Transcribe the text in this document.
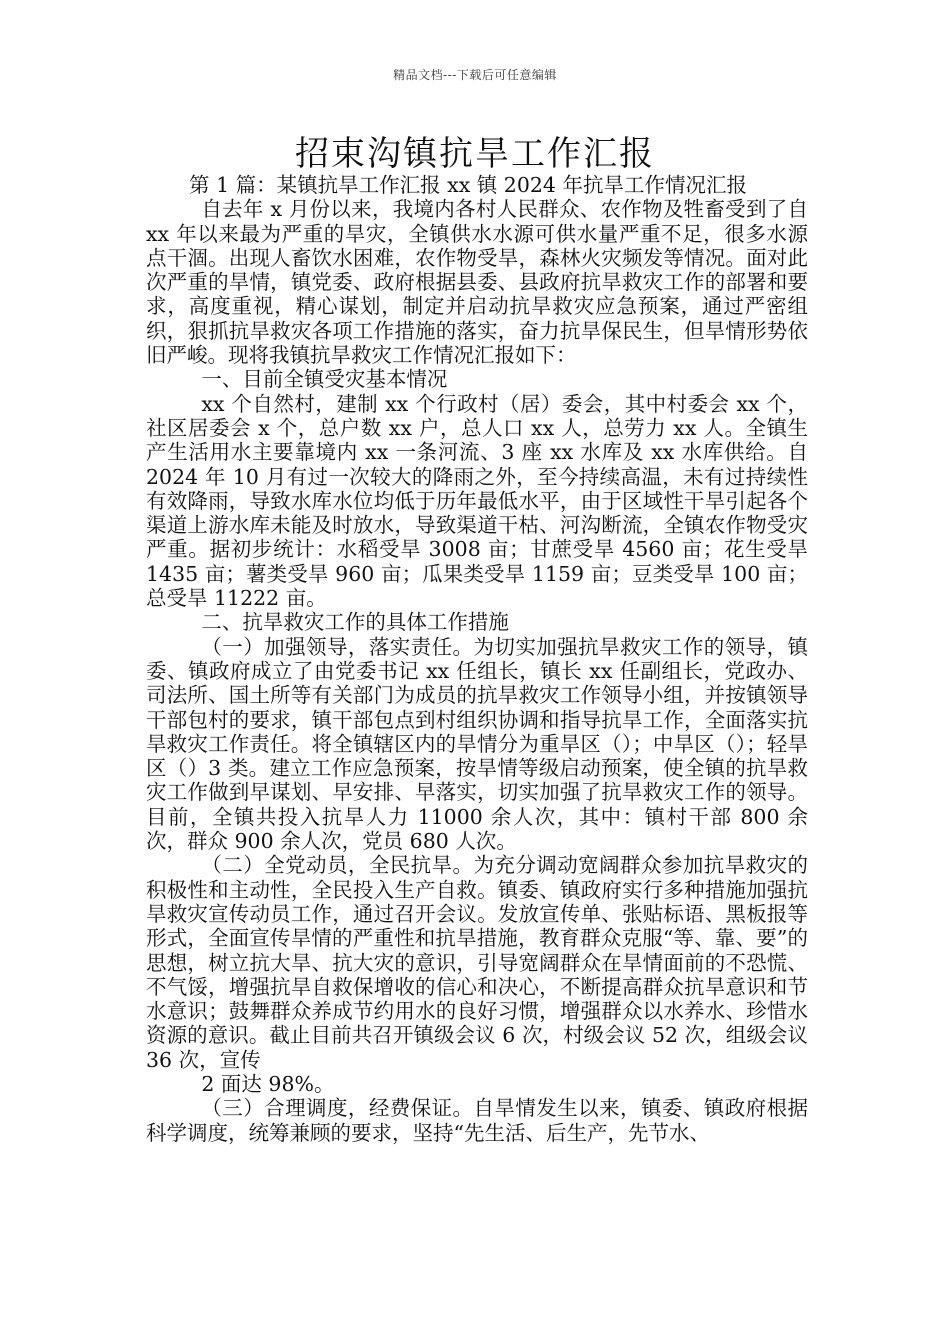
精品文档---下载后可任意编辑
招束沟镇抗旱工作汇报

第 1 篇：某镇抗旱工作汇报 xx 镇 2024 年抗旱工作情况汇报

自去年 x 月份以来，我境内各村人民群众、农作物及牲畜受到了自 xx 年以来最为严重的旱灾，全镇供水水源可供水量严重不足，很多水源点干涸。出现人畜饮水困难，农作物受旱，森林火灾频发等情况。面对此次严重的旱情，镇党委、政府根据县委、县政府抗旱救灾工作的部署和要求，高度重视，精心谋划，制定并启动抗旱救灾应急预案，通过严密组织，狠抓抗旱救灾各项工作措施的落实，奋力抗旱保民生，但旱情形势依旧严峻。现将我镇抗旱救灾工作情况汇报如下：

一、目前全镇受灾基本情况

xx 个自然村，建制 xx 个行政村（居）委会，其中村委会 xx 个，社区居委会 x 个，总户数 xx 户，总人口 xx 人，总劳力 xx 人。全镇生产生活用水主要靠境内 xx 一条河流、3 座 xx 水库及 xx 水库供给。自 2024 年 10 月有过一次较大的降雨之外，至今持续高温，未有过持续性有效降雨，导致水库水位均低于历年最低水平，由于区域性干旱引起各个渠道上游水库未能及时放水，导致渠道干枯、河沟断流，全镇农作物受灾严重。据初步统计：水稻受旱 3008 亩；甘蔗受旱 4560 亩；花生受旱 1435 亩；薯类受旱 960 亩；瓜果类受旱 1159 亩；豆类受旱 100 亩；总受旱 11222 亩。

二、抗旱救灾工作的具体工作措施

（一）加强领导，落实责任。为切实加强抗旱救灾工作的领导，镇委、镇政府成立了由党委书记 xx 任组长，镇长 xx 任副组长，党政办、司法所、国土所等有关部门为成员的抗旱救灾工作领导小组，并按镇领导干部包村的要求，镇干部包点到村组织协调和指导抗旱工作，全面落实抗旱救灾工作责任。将全镇辖区内的旱情分为重旱区（）；中旱区（）；轻旱区（）3 类。建立工作应急预案，按旱情等级启动预案，使全镇的抗旱救灾工作做到早谋划、早安排、早落实，切实加强了抗旱救灾工作的领导。目前，全镇共投入抗旱人力 11000 余人次，其中：镇村干部 800 余次，群众 900 余人次，党员 680 人次。

（二）全党动员，全民抗旱。为充分调动宽阔群众参加抗旱救灾的积极性和主动性，全民投入生产自救。镇委、镇政府实行多种措施加强抗旱救灾宣传动员工作，通过召开会议。发放宣传单、张贴标语、黑板报等形式，全面宣传旱情的严重性和抗旱措施，教育群众克服“等、靠、要”的思想，树立抗大旱、抗大灾的意识，引导宽阔群众在旱情面前的不恐慌、不气馁，增强抗旱自救保增收的信心和决心，不断提高群众抗旱意识和节水意识；鼓舞群众养成节约用水的良好习惯，增强群众以水养水、珍惜水资源的意识。截止目前共召开镇级会议 6 次，村级会议 52 次，组级会议 36 次，宣传

2 面达 98%。

（三）合理调度，经费保证。自旱情发生以来，镇委、镇政府根据科学调度，统筹兼顾的要求，坚持“先生活、后生产，先节水、
